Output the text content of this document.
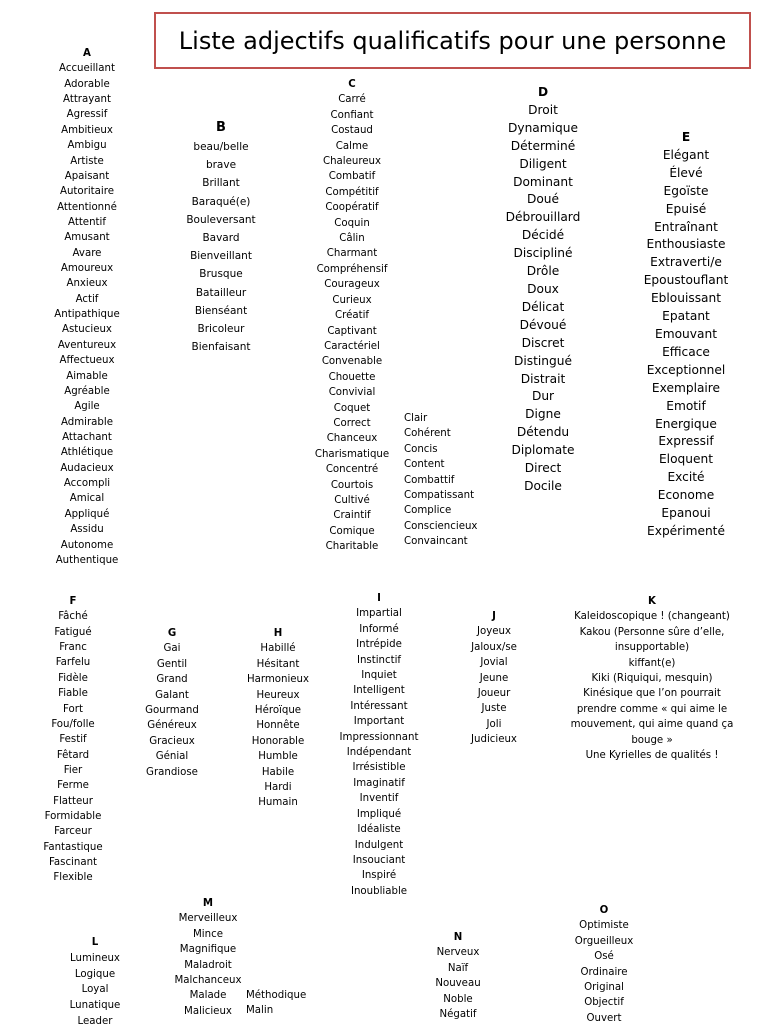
Liste adjectifs qualificatifs pour une personne
A
Accueillant
Adorable
Attrayant
Agressif
Ambitieux
Ambigu
Artiste
Apaisant
Autoritaire
Attentionné
Attentif
Amusant
Avare
Amoureux
Anxieux
Actif
Antipathique
Astucieux
Aventureux
Affectueux
Aimable
Agréable
Agile
Admirable
Attachant
Athlétique
Audacieux
Accompli
Amical
Appliqué
Assidu
Autonome
Authentique
B
beau/belle
brave
Brillant
Baraqué(e)
Bouleversant
Bavard
Bienveillant
Brusque
Batailleur
Bienséant
Bricoleur
Bienfaisant
C
Carré
Confiant
Costaud
Calme
Chaleureux
Combatif
Compétitif
Coopératif
Coquin
Câlin
Charmant
Compréhensif
Courageux
Curieux
Créatif
Captivant
Caractériel
Convenable
Chouette
Convivial
Coquet
Correct
Chanceux
Charismatique
Concentré
Courtois
Cultivé
Craintif
Comique
Charitable
Clair
Cohérent
Concis
Content
Combattif
Compatissant
Complice
Consciencieux
Convaincant
D
Droit
Dynamique
Déterminé
Diligent
Dominant
Doué
Débrouillard
Décidé
Discipliné
Drôle
Doux
Délicat
Dévoué
Discret
Distingué
Distrait
Dur
Digne
Détendu
Diplomate
Direct
Docile
E
Elégant
Élevé
Egoïste
Epuisé
Entraînant
Enthousiaste
Extraverti/e
Epoustouflant
Eblouissant
Epatant
Emouvant
Efficace
Exceptionnel
Exemplaire
Emotif
Energique
Expressif
Eloquent
Excité
Econome
Epanoui
Expérimenté
F
Fâché
Fatigué
Franc
Farfelu
Fidèle
Fiable
Fort
Fou/folle
Festif
Fêtard
Fier
Ferme
Flatteur
Formidable
Farceur
Fantastique
Fascinant
Flexible
G
Gai
Gentil
Grand
Galant
Gourmand
Généreux
Gracieux
Génial
Grandiose
H
Habillé
Hésitant
Harmonieux
Heureux
Héroïque
Honnête
Honorable
Humble
Habile
Hardi
Humain
I
Impartial
Informé
Intrépide
Instinctif
Inquiet
Intelligent
Intéressant
Important
Impressionnant
Indépendant
Irrésistible
Imaginatif
Inventif
Impliqué
Idéaliste
Indulgent
Insouciant
Inspiré
Inoubliable
J
Joyeux
Jaloux/se
Jovial
Jeune
Joueur
Juste
Joli
Judicieux
K
Kaleidoscopique ! (changeant)
Kakou (Personne sûre d’elle,
insupportable)
kiffant(e)
Kiki (Riquiqui, mesquin)
Kinésique que l’on pourrait
prendre comme « qui aime le
mouvement, qui aime quand ça
bouge »
Une Kyrielles de qualités !
L
Lumineux
Logique
Loyal
Lunatique
Leader
M
Merveilleux
Mince
Magnifique
Maladroit
Malchanceux
Malade
Malicieux
Méthodique
Malin
N
Nerveux
Naïf
Nouveau
Noble
Négatif
O
Optimiste
Orgueilleux
Osé
Ordinaire
Original
Objectif
Ouvert
